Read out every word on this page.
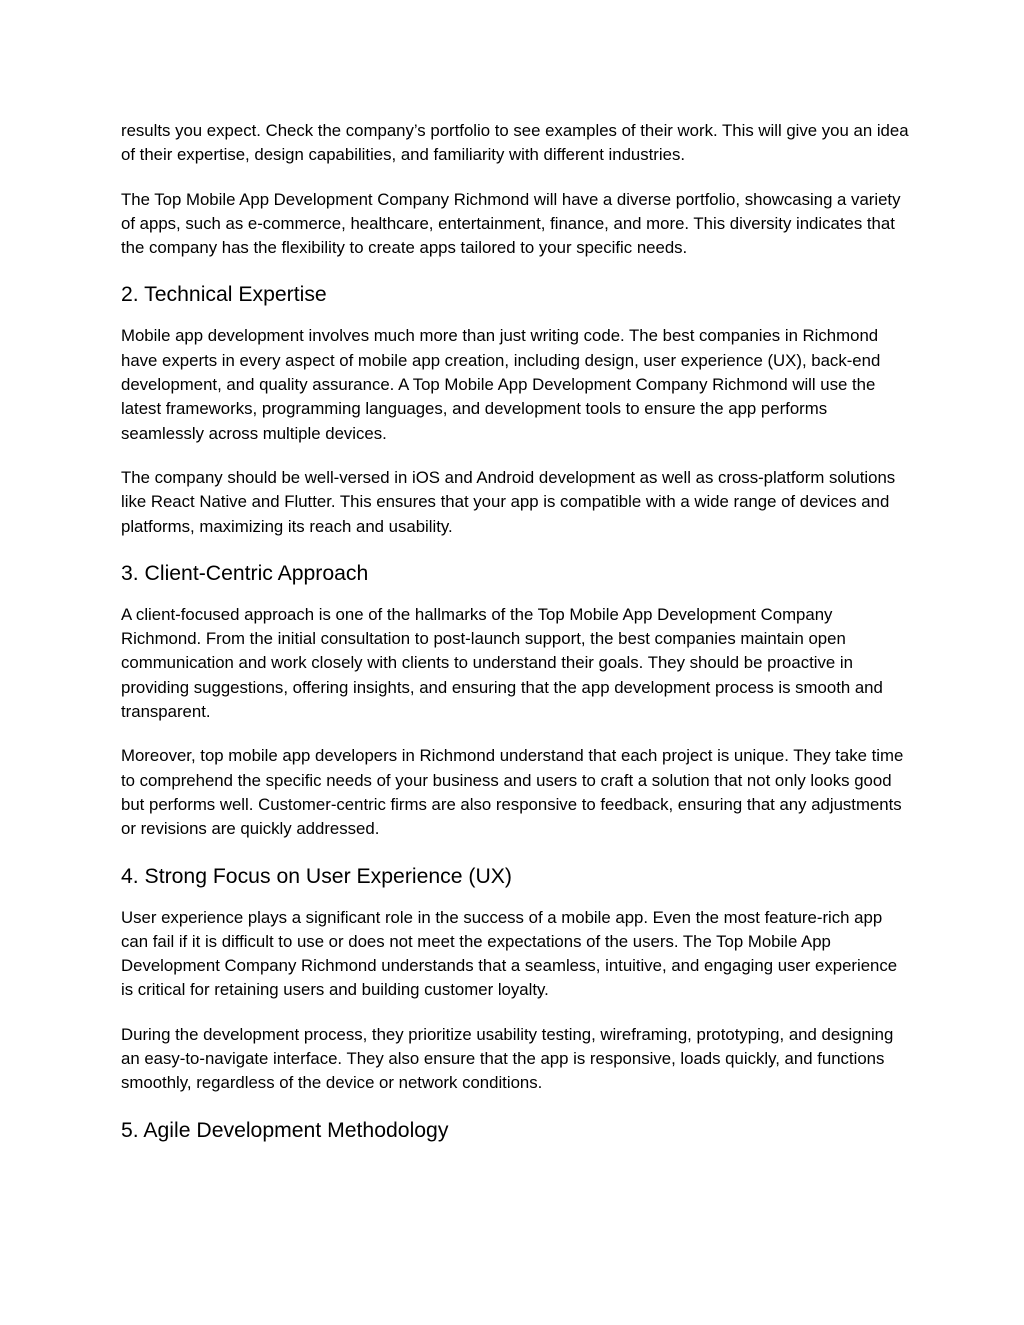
results you expect. Check the company’s portfolio to see examples of their work. This will give you an idea of their expertise, design capabilities, and familiarity with different industries.

The Top Mobile App Development Company Richmond will have a diverse portfolio, showcasing a variety of apps, such as e-commerce, healthcare, entertainment, finance, and more. This diversity indicates that the company has the flexibility to create apps tailored to your specific needs.

2. Technical Expertise

Mobile app development involves much more than just writing code. The best companies in Richmond have experts in every aspect of mobile app creation, including design, user experience (UX), back-end development, and quality assurance. A Top Mobile App Development Company Richmond will use the latest frameworks, programming languages, and development tools to ensure the app performs seamlessly across multiple devices.

The company should be well-versed in iOS and Android development as well as cross-platform solutions like React Native and Flutter. This ensures that your app is compatible with a wide range of devices and platforms, maximizing its reach and usability.

3. Client-Centric Approach

A client-focused approach is one of the hallmarks of the Top Mobile App Development Company Richmond. From the initial consultation to post-launch support, the best companies maintain open communication and work closely with clients to understand their goals. They should be proactive in providing suggestions, offering insights, and ensuring that the app development process is smooth and transparent.

Moreover, top mobile app developers in Richmond understand that each project is unique. They take time to comprehend the specific needs of your business and users to craft a solution that not only looks good but performs well. Customer-centric firms are also responsive to feedback, ensuring that any adjustments or revisions are quickly addressed.

4. Strong Focus on User Experience (UX)

User experience plays a significant role in the success of a mobile app. Even the most feature-rich app can fail if it is difficult to use or does not meet the expectations of the users. The Top Mobile App Development Company Richmond understands that a seamless, intuitive, and engaging user experience is critical for retaining users and building customer loyalty.

During the development process, they prioritize usability testing, wireframing, prototyping, and designing an easy-to-navigate interface. They also ensure that the app is responsive, loads quickly, and functions smoothly, regardless of the device or network conditions.

5. Agile Development Methodology
